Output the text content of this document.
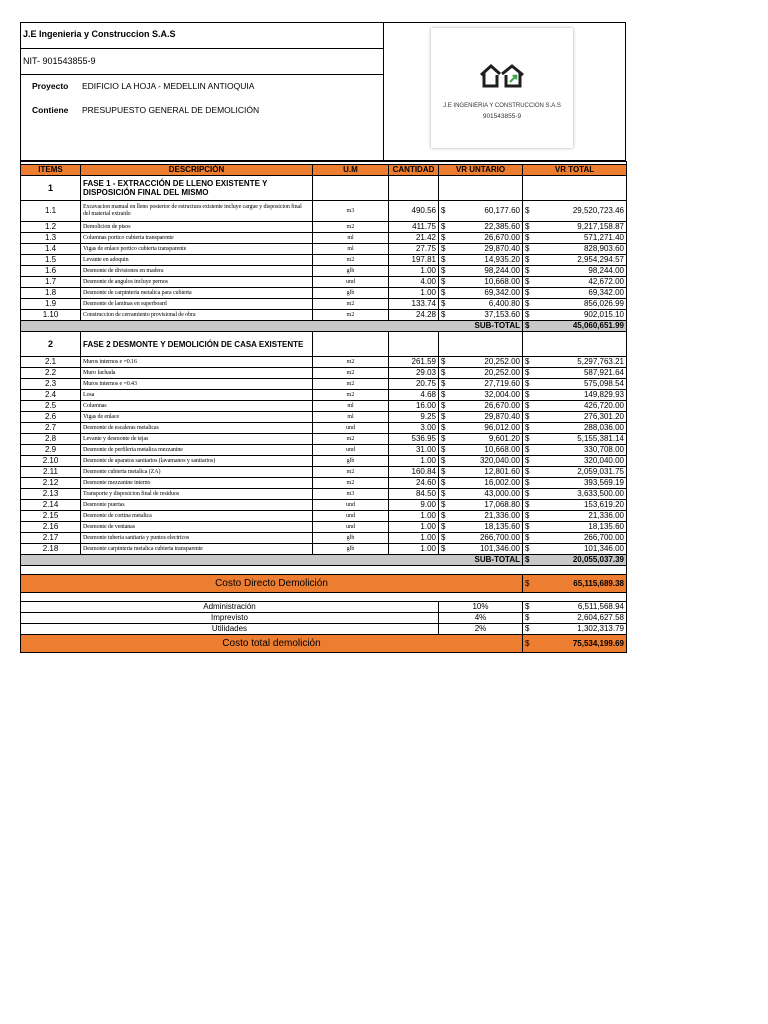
J.E Ingenieria y Construccion S.A.S
NIT- 901543855-9
Proyecto	EDIFICIO LA HOJA - MEDELLIN ANTIOQUIA
Contiene	PRESUPUESTO GENERAL DE DEMOLICIÓN	J.E INGENIERIA Y CONSTRUCCION S.A.S
901543855-9

ITEMS	DESCRIPCIÓN	U.M	CANTIDAD	VR UNTARIO		VR TOTAL	
1	FASE 1 - EXTRACCIÓN DE LLENO EXISTENTE Y DISPOSICIÓN FINAL DEL MISMO						
1.1	Excavacion manual en lleno posterior de estructura existente incluye cargue y disposicion final del material extraido	m3	490.56	$	60,177.60	$	29,520,723.46
1.2	Demolicion de pisos	m2	411.75	$	22,385.60	$	9,217,158.87
1.3	Columnas portico cubierta transparente	ml	21.42	$	26,670.00	$	571,271.40
1.4	Vigas de enlace portico cubierta transparente	ml	27.75	$	29,870.40	$	828,903.60
1.5	Levante en adoquin	m2	197.81	$	14,935.20	$	2,954,294.57
1.6	Desmonte de divisiones en madera	glb	1.00	$	98,244.00	$	98,244.00
1.7	Desmonte de angulos incluye pernos	und	4.00	$	10,668.00	$	42,672.00
1.8	Desmonte de carpinteria metalica para cubierta	glb	1.00	$	69,342.00	$	69,342.00
1.9	Desmonte de laminas en superboard	m2	133.74	$	6,400.80	$	856,026.99
1.10	Construccion de cerramiento provisional de obra	m2	24.28	$	37,153.60	$	902,015.10
SUB-TOTAL						$	45,060,651.99
2	FASE 2 DESMONTE Y DEMOLICIÓN DE CASA EXISTENTE						
2.1	Muros internos e =0.16	m2	261.59	$	20,252.00	$	5,297,763.21
2.2	Muro fachada	m2	29.03	$	20,252.00	$	587,921.64
2.3	Muros internos e =0.43	m2	20.75	$	27,719.60	$	575,098.54
2.4	Losa	m2	4.68	$	32,004.00	$	149,829.93
2.5	Columnas	ml	16.00	$	26,670.00	$	426,720.00
2.6	Vigas de enlace	ml	9.25	$	29,870.40	$	276,301.20
2.7	Desmonte de escaleras metalicas	und	3.00	$	96,012.00	$	288,036.00
2.8	Levante y desmonte de tejas	m2	536.95	$	9,601.20	$	5,155,381.14
2.9	Desmonte de perfileria metalica mezzanine	und	31.00	$	10,668.00	$	330,708.00
2.10	Desmonte de aparatos sanitarios (lavamanos y sanitarios)	glb	1.00	$	320,040.00	$	320,040.00
2.11	Desmonte cubierta metalica (ZA)	m2	160.84	$	12,801.60	$	2,059,031.75
2.12	Desmonte mezzanine interno	m2	24.60	$	16,002.00	$	393,569.19
2.13	Transporte y disposicion final de residuos	m3	84.50	$	43,000.00	$	3,633,500.00
2.14	Desmonte puertas	und	9.00	$	17,068.80	$	153,619.20
2.15	Desmonte de cortina metalica	und	1.00	$	21,336.00	$	21,336.00
2.16	Desmonte de ventanas	und	1.00	$	18,135.60	$	18,135.60
2.17	Desmonte tuberia sanitaria y puntos electricos	glb	1.00	$	266,700.00	$	266,700.00
2.18	Desmonte carpinteria metalica cubierta transparente	glb	1.00	$	101,346.00	$	101,346.00
SUB-TOTAL						$	20,055,037.39

Costo Directo Demolición						$	65,115,689.38

Administración				10%		$	6,511,568.94
Imprevisto				4%		$	2,604,627.58
Utilidades				2%		$	1,302,313.79
Costo total demolición						$	75,534,199.69
